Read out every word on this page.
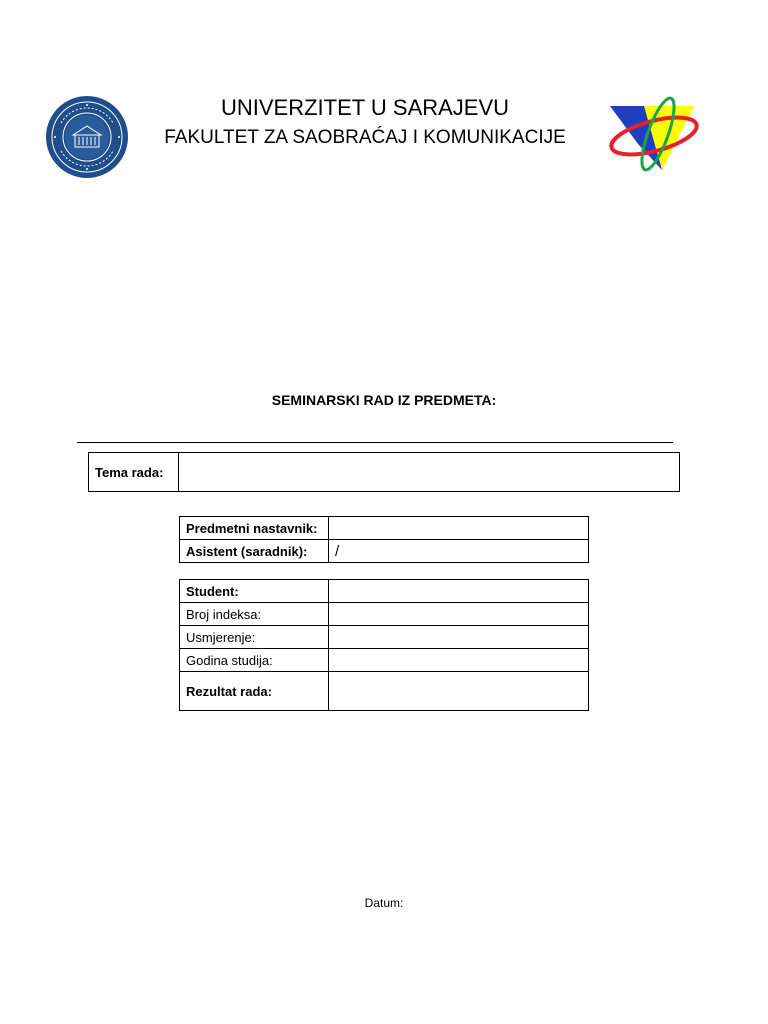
UNIVERZITET U SARAJEVU
FAKULTET ZA SAOBRAĆAJ I KOMUNIKACIJE

SEMINARSKI RAD IZ PREDMETA:

Tema rada:	
Predmetni nastavnik:	
Asistent (saradnik):	/
Student:	
Broj indeksa:	
Usmjerenje:	
Godina studija:	
Rezultat rada:	

Datum:
